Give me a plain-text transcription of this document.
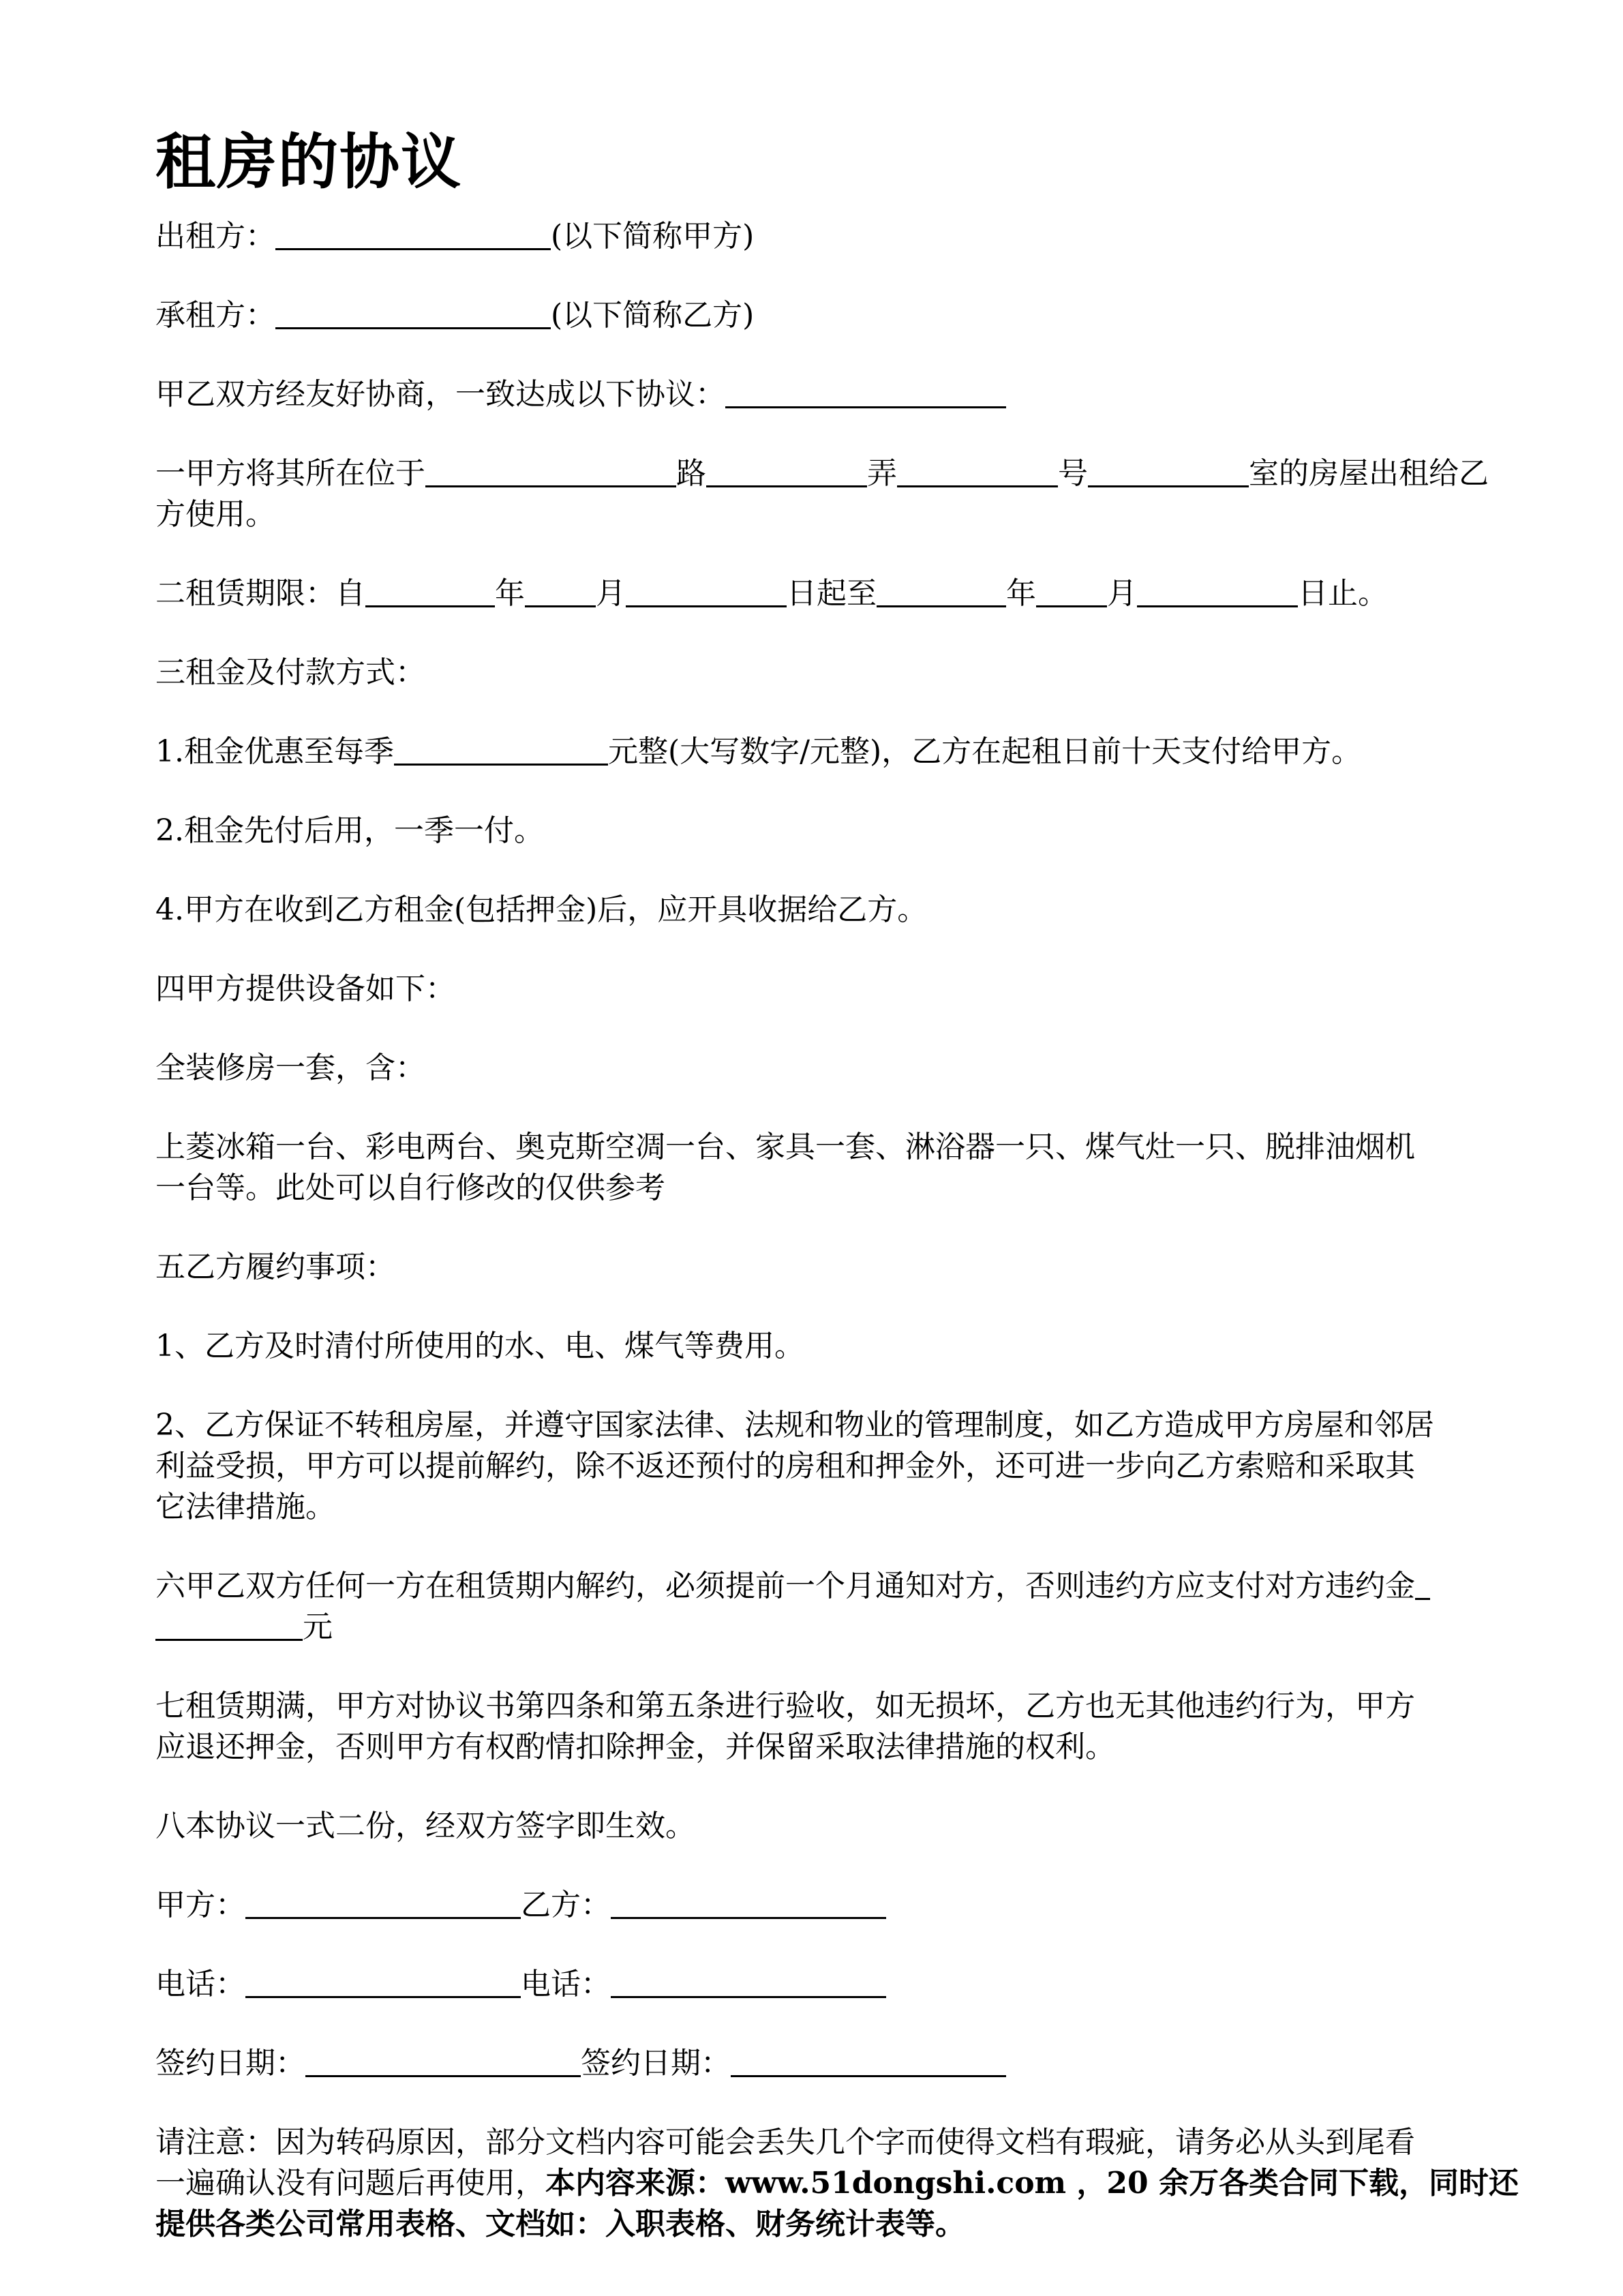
租房的协议
出租方：	(以下简称甲方)
承租方：	(以下简称乙方)
甲乙双方经友好协商，一致达成以下协议：
一甲方将其所在位于	路	弄	号	室的房屋出租给乙
方使用。
二租赁期限：自	年 月	日起至	年 月	日止。
三租金及付款方式：
1.租金优惠至每季	元整(大写数字/元整)，乙方在起租日前十天支付给甲方。
2.租金先付后用，一季一付。
4.甲方在收到乙方租金(包括押金)后，应开具收据给乙方。
四甲方提供设备如下：
全装修房一套，含：
上菱冰箱一台、彩电两台、奥克斯空凋一台、家具一套、淋浴器一只、煤气灶一只、脱排油烟机
一台等。此处可以自行修改的仅供参考
五乙方履约事项：
1、乙方及时清付所使用的水、电、煤气等费用。
2、乙方保证不转租房屋，并遵守国家法律、法规和物业的管理制度，如乙方造成甲方房屋和邻居
利益受损，甲方可以提前解约，除不返还预付的房租和押金外，还可进一步向乙方索赔和采取其
它法律措施。
六甲乙双方任何一方在租赁期内解约，必须提前一个月通知对方，否则违约方应支付对方违约金
元
七租赁期满，甲方对协议书第四条和第五条进行验收，如无损坏，乙方也无其他违约行为，甲方
应退还押金，否则甲方有权酌情扣除押金，并保留采取法律措施的权利。
八本协议一式二份，经双方签字即生效。
甲方：	乙方：
电话：	电话：
签约日期：	签约日期：
请注意：因为转码原因，部分文档内容可能会丢失几个字而使得文档有瑕疵，请务必从头到尾看
一遍确认没有问题后再使用，本内容来源：www.51dongshi.com ，20 余万各类合同下载，同时还
提供各类公司常用表格、文档如：入职表格、财务统计表等。
